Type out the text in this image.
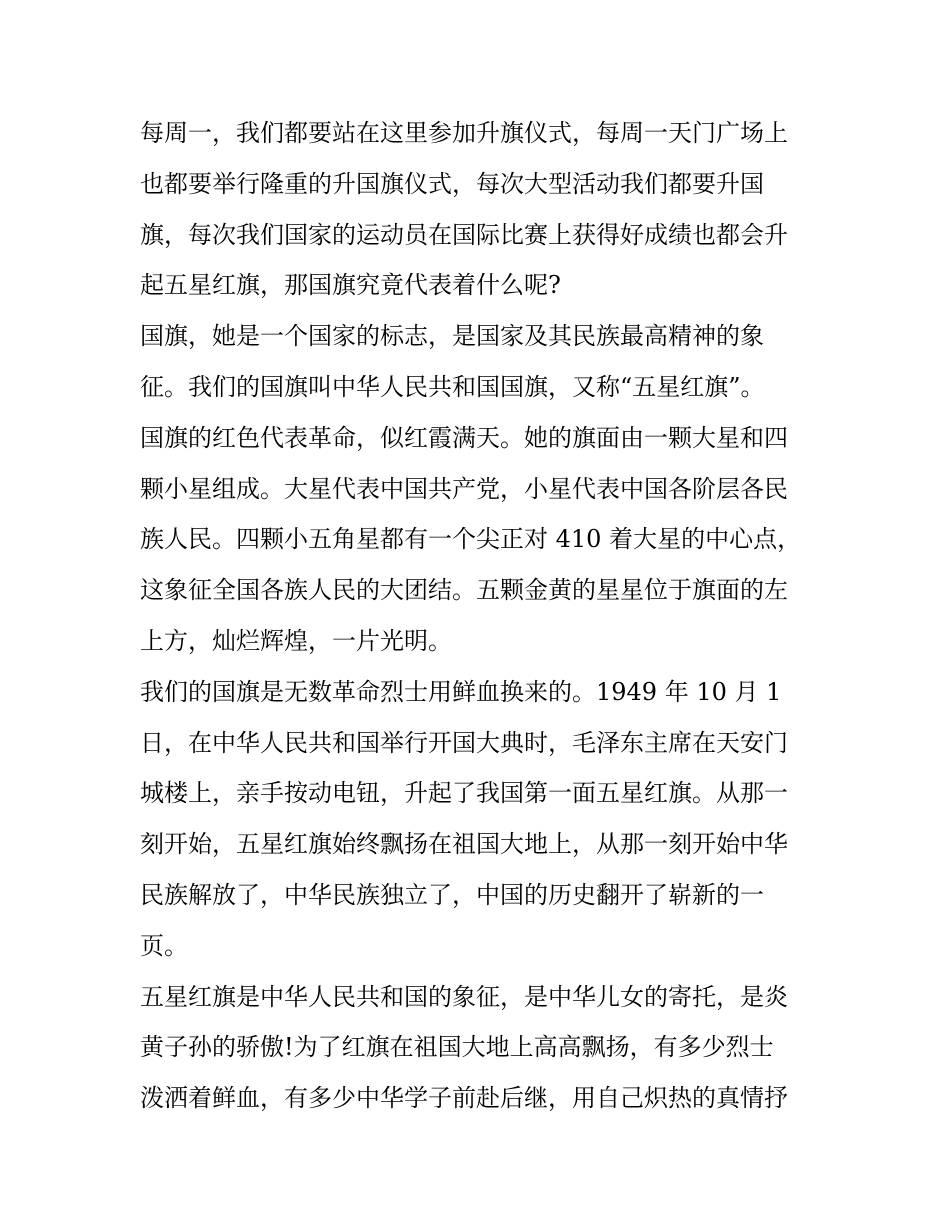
每周一，我们都要站在这里参加升旗仪式，每周一天门广场上
也都要举行隆重的升国旗仪式，每次大型活动我们都要升国
旗，每次我们国家的运动员在国际比赛上获得好成绩也都会升
起五星红旗，那国旗究竟代表着什么呢?
国旗，她是一个国家的标志，是国家及其民族最高精神的象
征。我们的国旗叫中华人民共和国国旗，又称“五星红旗”。
国旗的红色代表革命，似红霞满天。她的旗面由一颗大星和四
颗小星组成。大星代表中国共产党，小星代表中国各阶层各民
族人民。四颗小五角星都有一个尖正对 410 着大星的中心点，
这象征全国各族人民的大团结。五颗金黄的星星位于旗面的左
上方，灿烂辉煌，一片光明。
我们的国旗是无数革命烈士用鲜血换来的。1949 年 10 月 1
日，在中华人民共和国举行开国大典时，毛泽东主席在天安门
城楼上，亲手按动电钮，升起了我国第一面五星红旗。从那一
刻开始，五星红旗始终飘扬在祖国大地上，从那一刻开始中华
民族解放了，中华民族独立了，中国的历史翻开了崭新的一
页。
五星红旗是中华人民共和国的象征，是中华儿女的寄托，是炎
黄子孙的骄傲!为了红旗在祖国大地上高高飘扬，有多少烈士
泼洒着鲜血，有多少中华学子前赴后继，用自己炽热的真情抒
